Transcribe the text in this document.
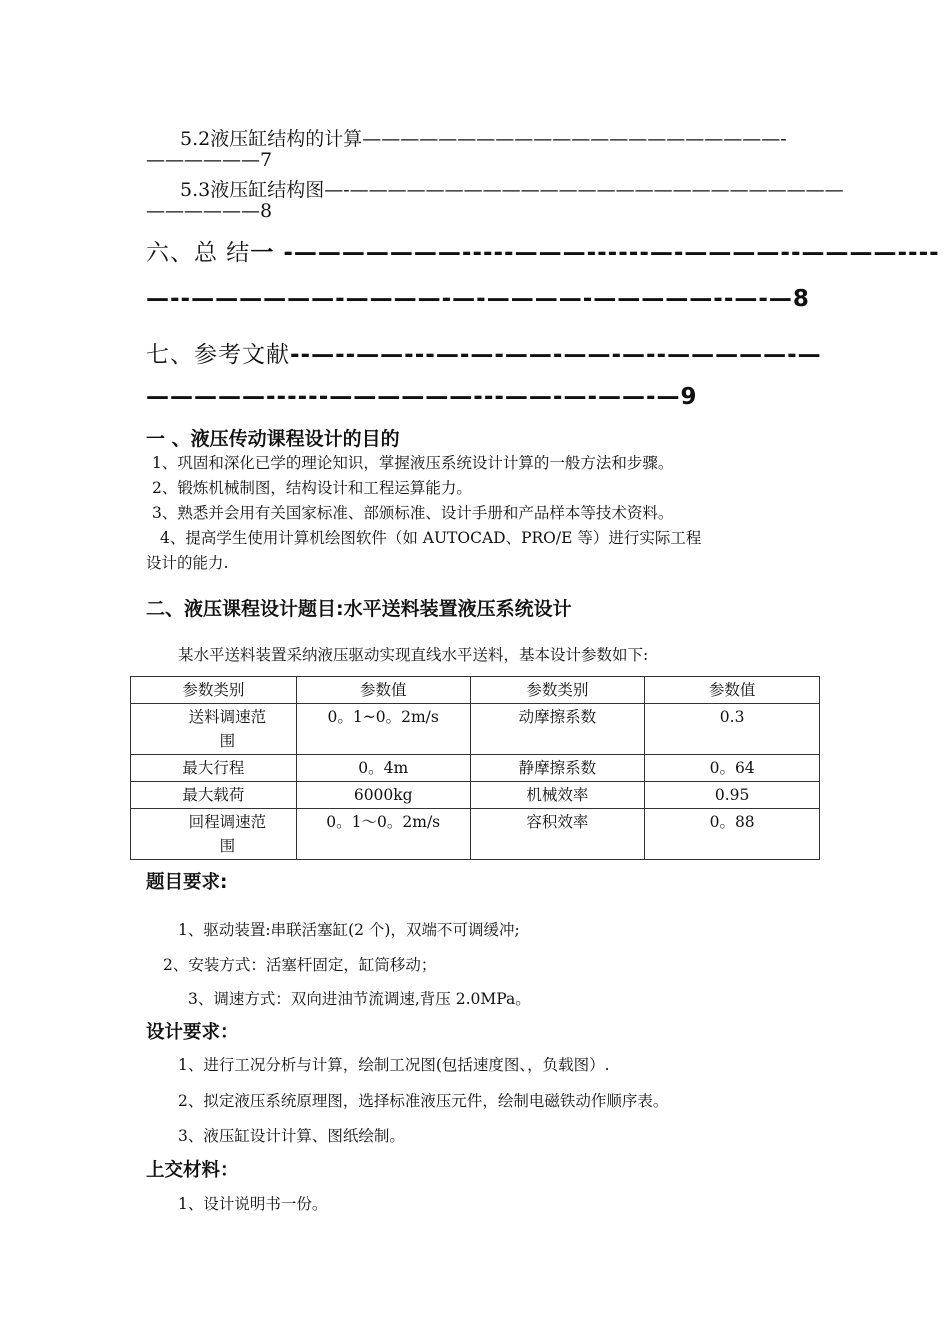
5.2液压缸结构的计算——————————————————————-
——————7
5.3液压缸结构图—-——————————————————————————
——————8
六、总 结一 -———————-----———------—-————--————----
—--——————-————-—-————-—————--—-—8
七、参考文献--—--——---—-—-——-——-—--—————-—
—————------——————---——-—-——-—9
一 、液压传动课程设计的目的
1、巩固和深化已学的理论知识，掌握液压系统设计计算的一般方法和步骤。
2、锻炼机械制图，结构设计和工程运算能力。
3、熟悉并会用有关国家标准、部颁标准、设计手册和产品样本等技术资料。
4、提高学生使用计算机绘图软件（如 AUTOCAD、PRO/E 等）进行实际工程
设计的能力.
二、液压课程设计题目:水平送料装置液压系统设计
某水平送料装置采纳液压驱动实现直线水平送料，基本设计参数如下:
参数类别	参数值	参数类别	参数值
送料调速范围	0。1~0。2m/s	动摩擦系数	0.3
最大行程	0。4m	静摩擦系数	0。64
最大载荷	6000kg	机械效率	0.95
回程调速范围	0。1～0。2m/s	容积效率	0。88
题目要求:
1、驱动装置:串联活塞缸(2 个)，双端不可调缓冲;
2、安装方式：活塞杆固定，缸筒移动；
3、调速方式：双向进油节流调速,背压 2.0MPa。
设计要求：
1、进行工况分析与计算，绘制工况图(包括速度图、，负载图）.
2、拟定液压系统原理图，选择标准液压元件，绘制电磁铁动作顺序表。
3、液压缸设计计算、图纸绘制。
上交材料：
1、设计说明书一份。
